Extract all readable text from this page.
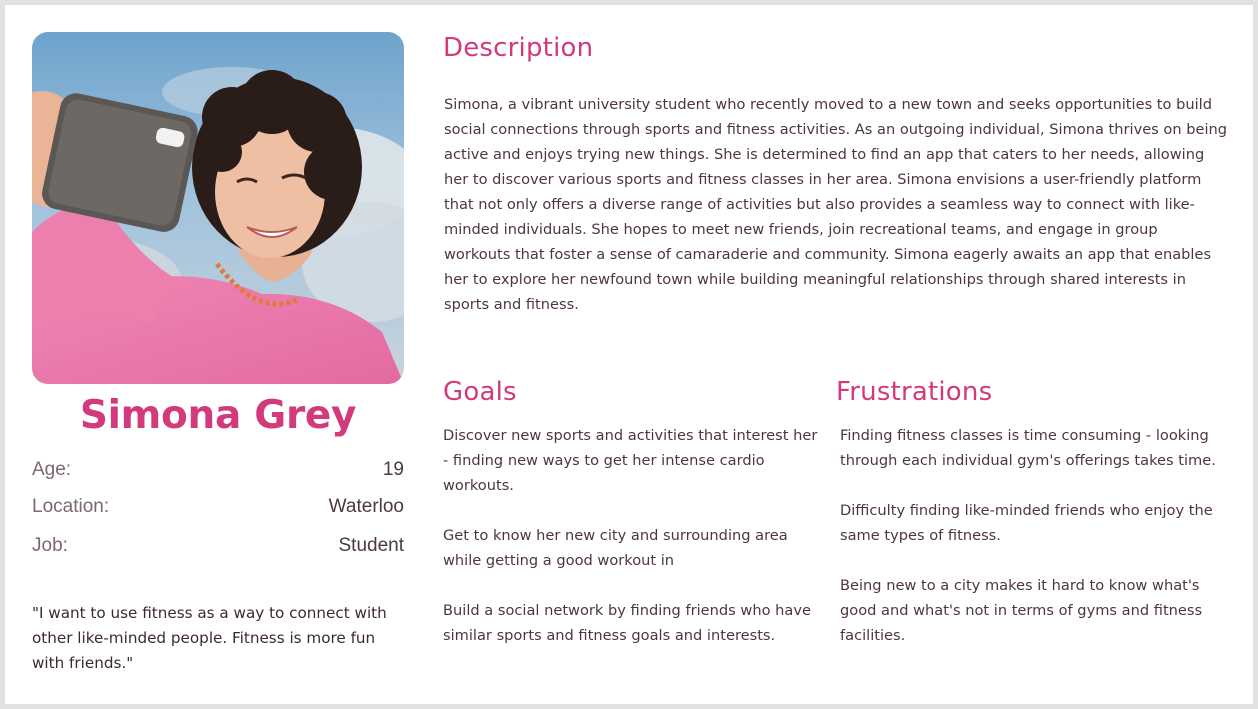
Simona Grey
Age:	19
Location:	Waterloo
Job:	Student
"I want to use fitness as a way to connect with other like-minded people. Fitness is more fun with friends."
Description
Simona, a vibrant university student who recently moved to a new town and seeks opportunities to build social connections through sports and fitness activities. As an outgoing individual, Simona thrives on being active and enjoys trying new things. She is determined to find an app that caters to her needs, allowing her to discover various sports and fitness classes in her area. Simona envisions a user-friendly platform that not only offers a diverse range of activities but also provides a seamless way to connect with like-minded individuals. She hopes to meet new friends, join recreational teams, and engage in group workouts that foster a sense of camaraderie and community. Simona eagerly awaits an app that enables her to explore her newfound town while building meaningful relationships through shared interests in sports and fitness.
Goals

Discover new sports and activities that interest her - finding new ways to get her intense cardio workouts.

Get to know her new city and surrounding area while getting a good workout in

Build a social network by finding friends who have similar sports and fitness goals and interests.

Frustrations

Finding fitness classes is time consuming - looking through each individual gym's offerings takes time.

Difficulty finding like-minded friends who enjoy the same types of fitness.

Being new to a city makes it hard to know what's good and what's not in terms of gyms and fitness facilities.
